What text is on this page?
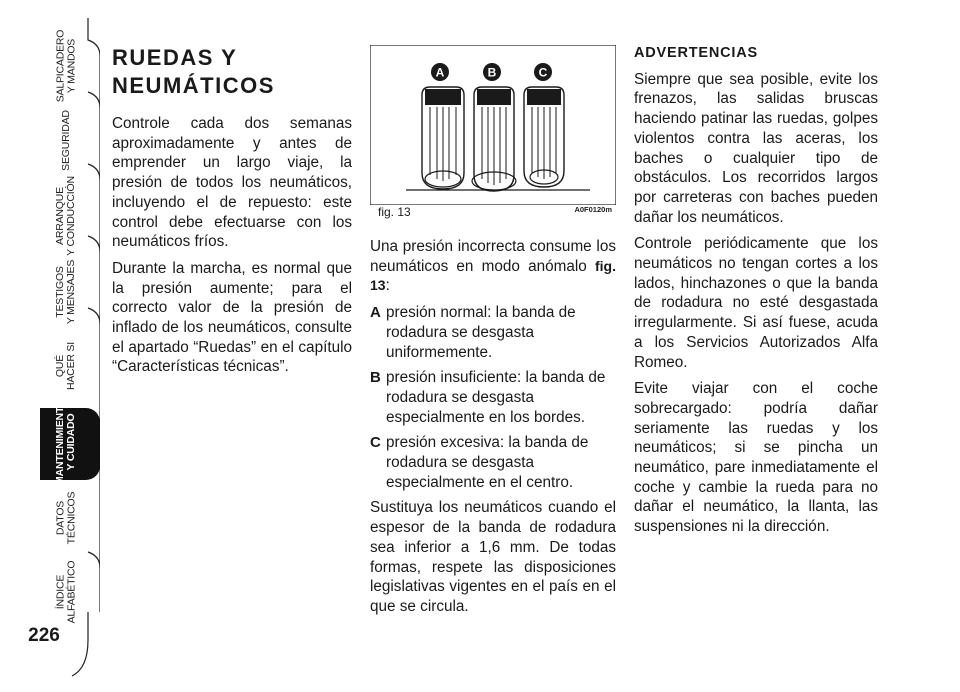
SALPICADERO
Y MANDOS
SEGURIDAD
ARRANQUE
Y CONDUCCIÓN
TESTIGOS
Y MENSAJES
QUÉ
HACER SI
MANTENIMIENTO
Y CUIDADO
DATOS
TÉCNICOS
ÍNDICE
ALFABÉTICO
226
RUEDAS Y
NEUMÁTICOS

Controle cada dos semanas aproximadamente y antes de emprender un largo viaje, la presión de todos los neumáticos, incluyendo el de repuesto: este control debe efectuarse con los neumáticos fríos.

Durante la marcha, es normal que la presión aumente; para el correcto valor de la presión de inflado de los neumáticos, consulte el apartado “Ruedas” en el capítulo “Características técnicas”.

A	B	C
fig. 13	A0F0120m

Una presión incorrecta consume los neumáticos en modo anómalo fig. 13:

A presión normal: la banda de rodadura se desgasta uniformemente.
B presión insuficiente: la banda de rodadura se desgasta especialmente en los bordes.
C presión excesiva: la banda de rodadura se desgasta especialmente en el centro.

Sustituya los neumáticos cuando el espesor de la banda de rodadura sea inferior a 1,6 mm. De todas formas, respete las disposiciones legislativas vigentes en el país en el que se circula.

ADVERTENCIAS

Siempre que sea posible, evite los frenazos, las salidas bruscas haciendo patinar las ruedas, golpes violentos contra las aceras, los baches o cualquier tipo de obstáculos. Los recorridos largos por carreteras con baches pueden dañar los neumáticos.

Controle periódicamente que los neumáticos no tengan cortes a los lados, hinchazones o que la banda de rodadura no esté desgastada irregularmente. Si así fuese, acuda a los Servicios Autorizados Alfa Romeo.

Evite viajar con el coche sobrecargado: podría dañar seriamente las ruedas y los neumáticos; si se pincha un neumático, pare inmediatamente el coche y cambie la rueda para no dañar el neumático, la llanta, las suspensiones ni la dirección.
